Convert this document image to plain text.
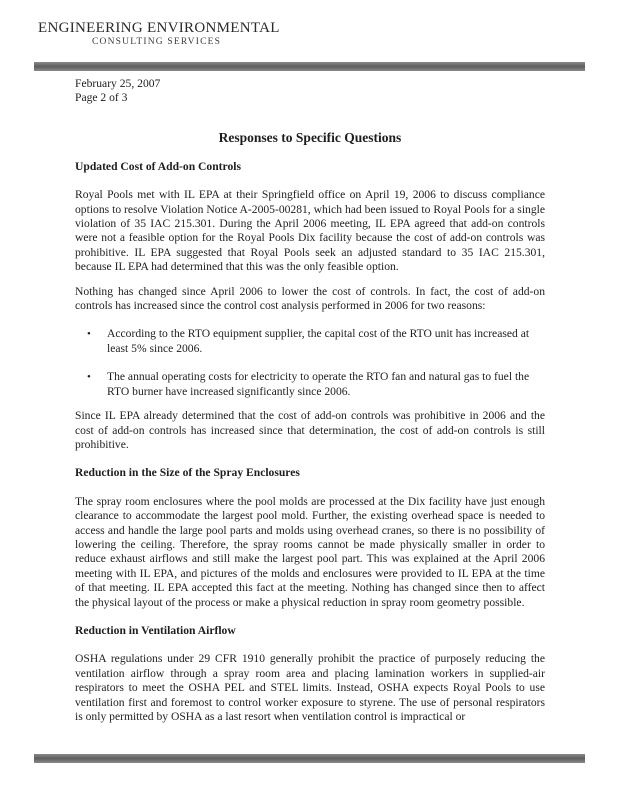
ENGINEERING ENVIRONMENTAL
CONSULTING SERVICES

February 25, 2007

Page 2 of 3

Responses to Specific Questions
Updated Cost of Add-on Controls

Royal Pools met with IL EPA at their Springfield office on April 19, 2006 to discuss compliance options to resolve Violation Notice A-2005-00281, which had been issued to Royal Pools for a single violation of 35 IAC 215.301. During the April 2006 meeting, IL EPA agreed that add-on controls were not a feasible option for the Royal Pools Dix facility because the cost of add-on controls was prohibitive. IL EPA suggested that Royal Pools seek an adjusted standard to 35 IAC 215.301, because IL EPA had determined that this was the only feasible option.

Nothing has changed since April 2006 to lower the cost of controls. In fact, the cost of add-on controls has increased since the control cost analysis performed in 2006 for two reasons:

• According to the RTO equipment supplier, the capital cost of the RTO unit has increased at least 5% since 2006.
• The annual operating costs for electricity to operate the RTO fan and natural gas to fuel the RTO burner have increased significantly since 2006.

Since IL EPA already determined that the cost of add-on controls was prohibitive in 2006 and the cost of add-on controls has increased since that determination, the cost of add-on controls is still prohibitive.

Reduction in the Size of the Spray Enclosures

The spray room enclosures where the pool molds are processed at the Dix facility have just enough clearance to accommodate the largest pool mold. Further, the existing overhead space is needed to access and handle the large pool parts and molds using overhead cranes, so there is no possibility of lowering the ceiling. Therefore, the spray rooms cannot be made physically smaller in order to reduce exhaust airflows and still make the largest pool part. This was explained at the April 2006 meeting with IL EPA, and pictures of the molds and enclosures were provided to IL EPA at the time of that meeting. IL EPA accepted this fact at the meeting. Nothing has changed since then to affect the physical layout of the process or make a physical reduction in spray room geometry possible.

Reduction in Ventilation Airflow

OSHA regulations under 29 CFR 1910 generally prohibit the practice of purposely reducing the ventilation airflow through a spray room area and placing lamination workers in supplied-air respirators to meet the OSHA PEL and STEL limits. Instead, OSHA expects Royal Pools to use ventilation first and foremost to control worker exposure to styrene. The use of personal respirators is only permitted by OSHA as a last resort when ventilation control is impractical or
